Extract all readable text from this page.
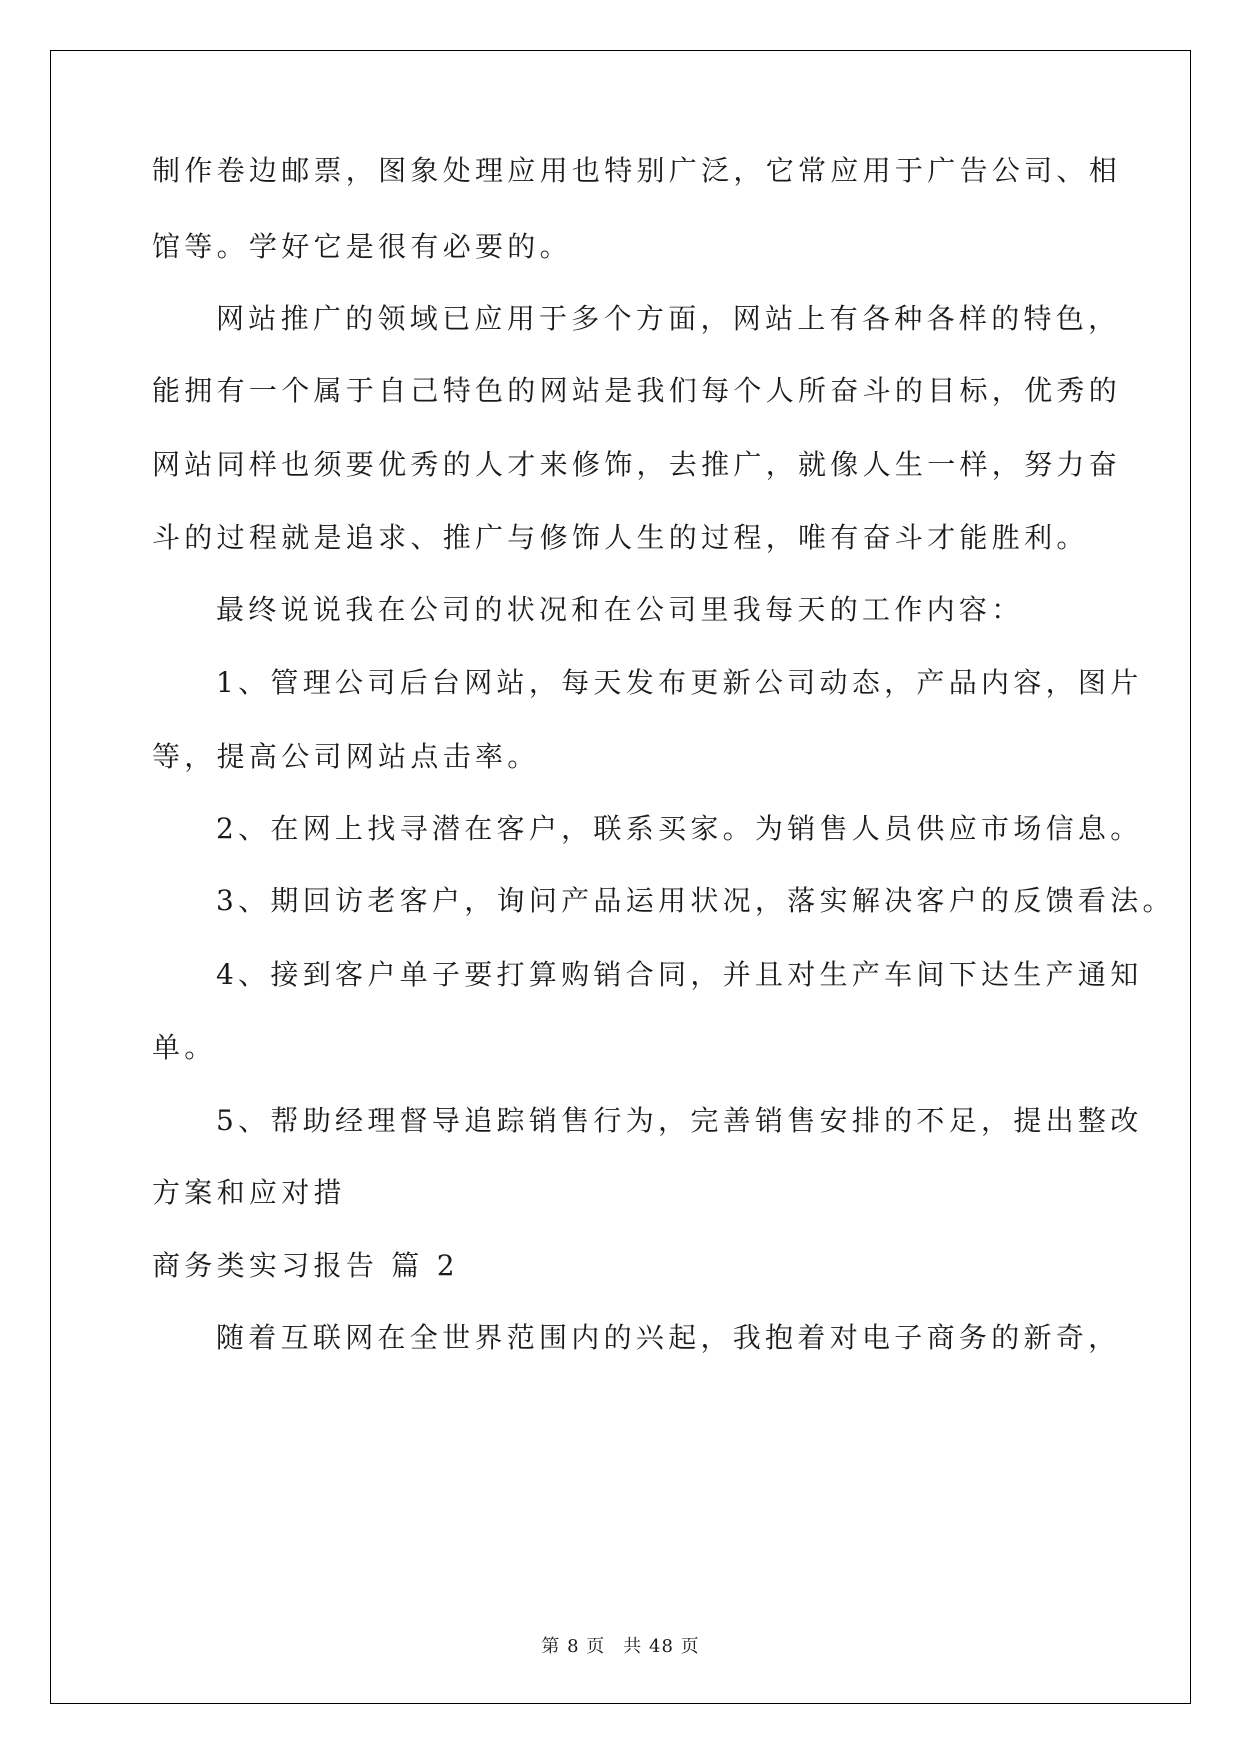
制作卷边邮票，图象处理应用也特别广泛，它常应用于广告公司、相
馆等。学好它是很有必要的。
网站推广的领域已应用于多个方面，网站上有各种各样的特色，
能拥有一个属于自己特色的网站是我们每个人所奋斗的目标，优秀的
网站同样也须要优秀的人才来修饰，去推广，就像人生一样，努力奋
斗的过程就是追求、推广与修饰人生的过程，唯有奋斗才能胜利。
最终说说我在公司的状况和在公司里我每天的工作内容：
1、管理公司后台网站，每天发布更新公司动态，产品内容，图片
等，提高公司网站点击率。
2、在网上找寻潜在客户，联系买家。为销售人员供应市场信息。
3、期回访老客户，询问产品运用状况，落实解决客户的反馈看法。
4、接到客户单子要打算购销合同，并且对生产车间下达生产通知
单。
5、帮助经理督导追踪销售行为，完善销售安排的不足，提出整改
方案和应对措
商务类实习报告 篇 2
随着互联网在全世界范围内的兴起，我抱着对电子商务的新奇，
第 8 页 共 48 页
